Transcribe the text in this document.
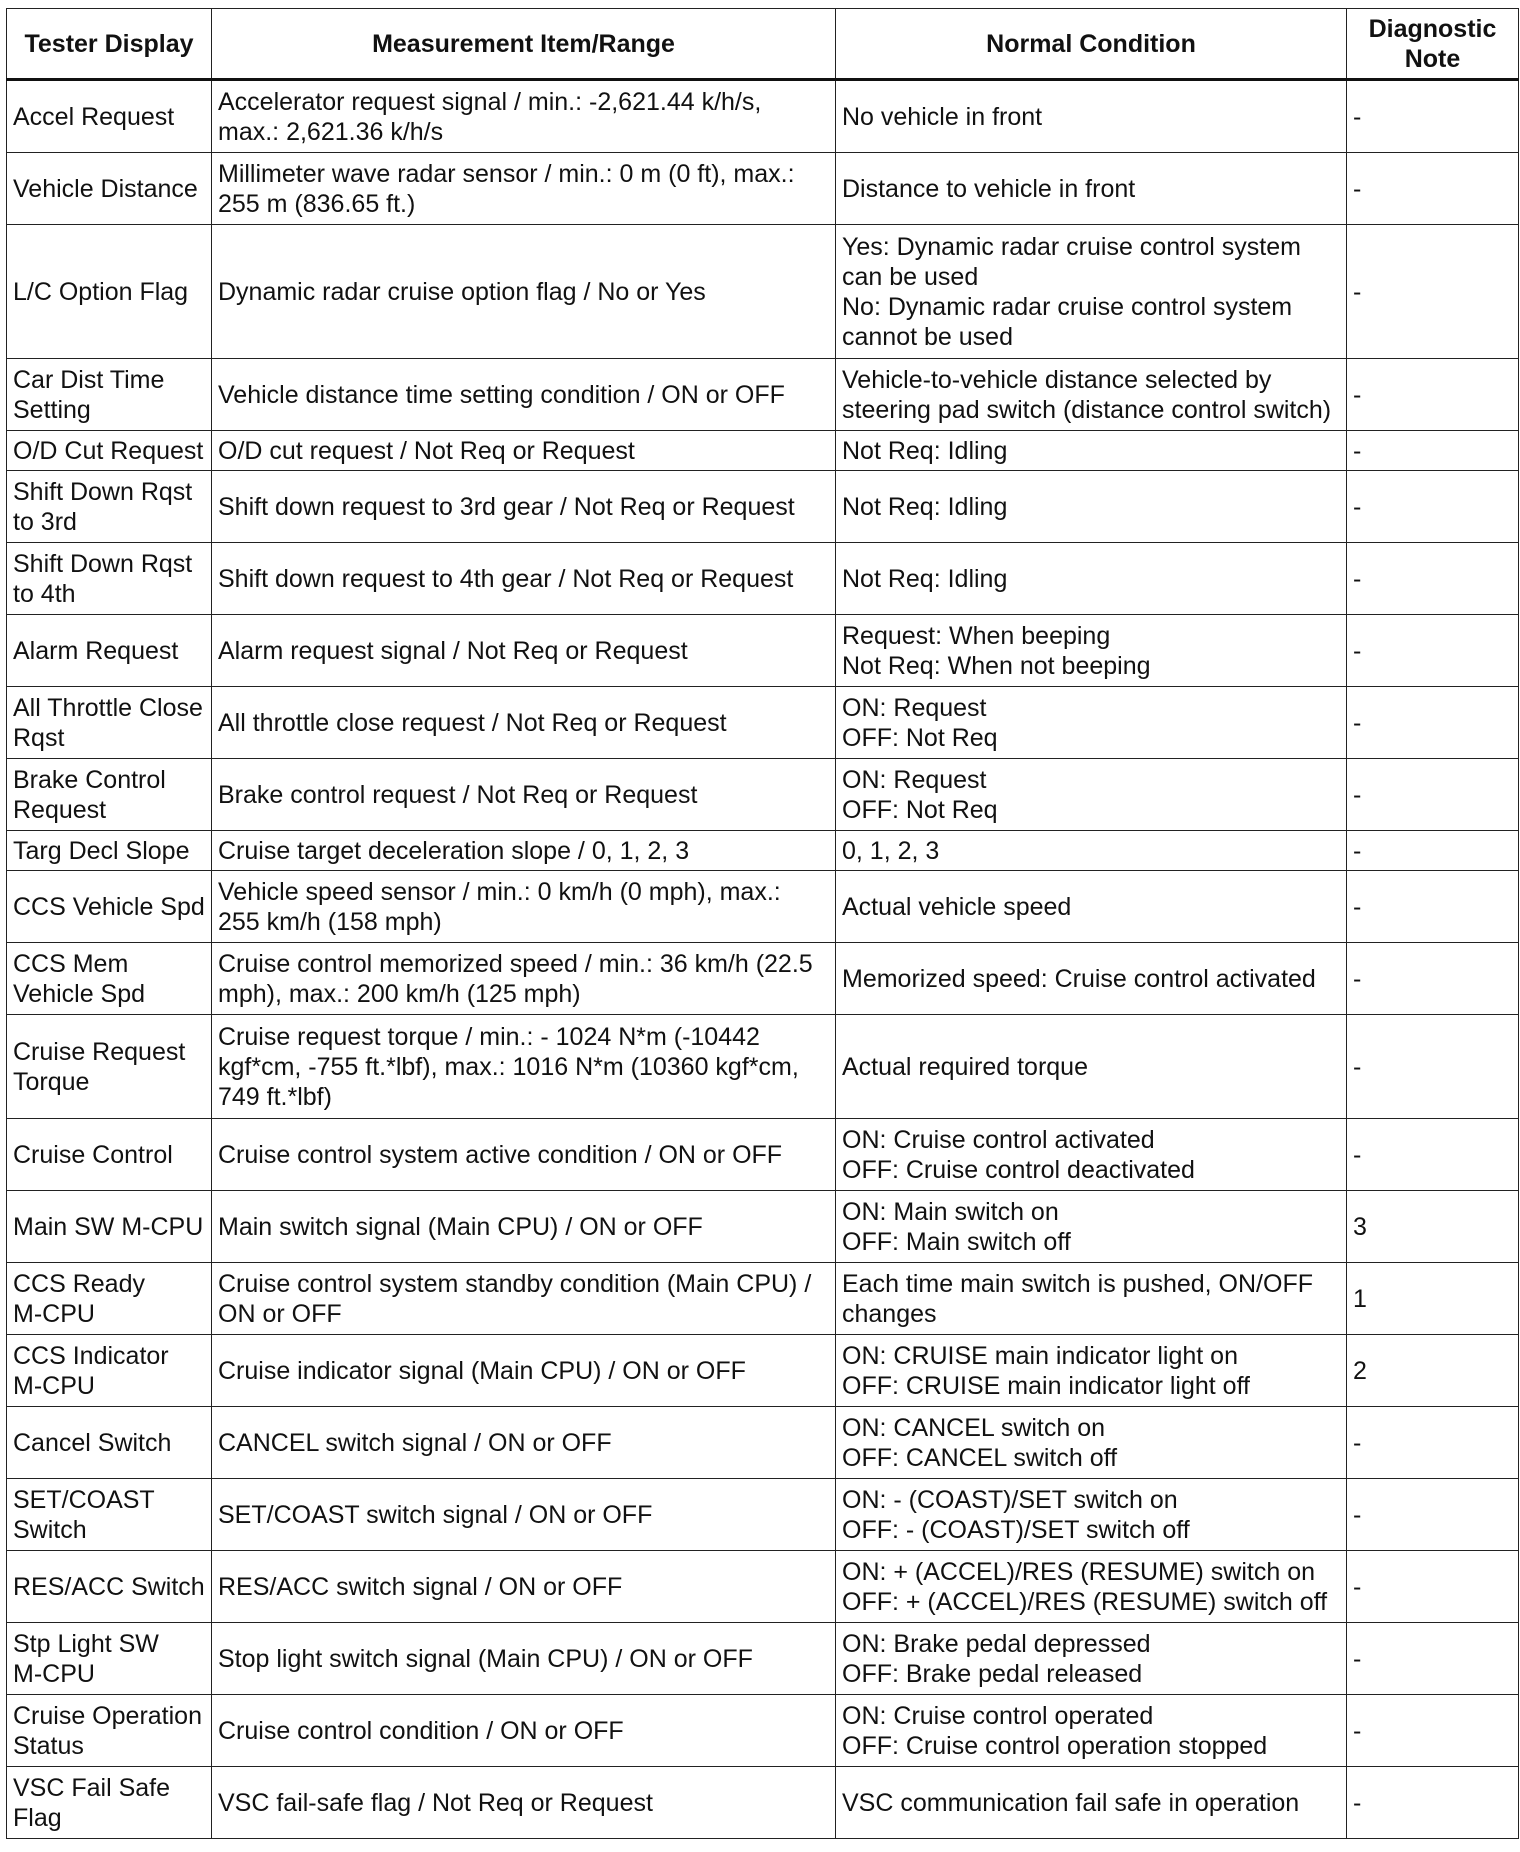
Tester Display	Measurement Item/Range	Normal Condition	Diagnostic
Note
Accel Request	Accelerator request signal / min.: -2,621.44 k/h/s,
max.: 2,621.36 k/h/s	No vehicle in front	-
Vehicle Distance	Millimeter wave radar sensor / min.: 0 m (0 ft), max.:
255 m (836.65 ft.)	Distance to vehicle in front	-
L/C Option Flag	Dynamic radar cruise option flag / No or Yes	Yes: Dynamic radar cruise control system
can be used
No: Dynamic radar cruise control system
cannot be used	-
Car Dist Time
Setting	Vehicle distance time setting condition / ON or OFF	Vehicle-to-vehicle distance selected by
steering pad switch (distance control switch)	-
O/D Cut Request	O/D cut request / Not Req or Request	Not Req: Idling	-
Shift Down Rqst
to 3rd	Shift down request to 3rd gear / Not Req or Request	Not Req: Idling	-
Shift Down Rqst
to 4th	Shift down request to 4th gear / Not Req or Request	Not Req: Idling	-
Alarm Request	Alarm request signal / Not Req or Request	Request: When beeping
Not Req: When not beeping	-
All Throttle Close
Rqst	All throttle close request / Not Req or Request	ON: Request
OFF: Not Req	-
Brake Control
Request	Brake control request / Not Req or Request	ON: Request
OFF: Not Req	-
Targ Decl Slope	Cruise target deceleration slope / 0, 1, 2, 3	0, 1, 2, 3	-
CCS Vehicle Spd	Vehicle speed sensor / min.: 0 km/h (0 mph), max.:
255 km/h (158 mph)	Actual vehicle speed	-
CCS Mem
Vehicle Spd	Cruise control memorized speed / min.: 36 km/h (22.5
mph), max.: 200 km/h (125 mph)	Memorized speed: Cruise control activated	-
Cruise Request
Torque	Cruise request torque / min.: - 1024 N*m (-10442
kgf*cm, -755 ft.*lbf), max.: 1016 N*m (10360 kgf*cm,
749 ft.*lbf)	Actual required torque	-
Cruise Control	Cruise control system active condition / ON or OFF	ON: Cruise control activated
OFF: Cruise control deactivated	-
Main SW M-CPU	Main switch signal (Main CPU) / ON or OFF	ON: Main switch on
OFF: Main switch off	3
CCS Ready
M-CPU	Cruise control system standby condition (Main CPU) /
ON or OFF	Each time main switch is pushed, ON/OFF
changes	1
CCS Indicator
M-CPU	Cruise indicator signal (Main CPU) / ON or OFF	ON: CRUISE main indicator light on
OFF: CRUISE main indicator light off	2
Cancel Switch	CANCEL switch signal / ON or OFF	ON: CANCEL switch on
OFF: CANCEL switch off	-
SET/COAST
Switch	SET/COAST switch signal / ON or OFF	ON: - (COAST)/SET switch on
OFF: - (COAST)/SET switch off	-
RES/ACC Switch	RES/ACC switch signal / ON or OFF	ON: + (ACCEL)/RES (RESUME) switch on
OFF: + (ACCEL)/RES (RESUME) switch off	-
Stp Light SW
M-CPU	Stop light switch signal (Main CPU) / ON or OFF	ON: Brake pedal depressed
OFF: Brake pedal released	-
Cruise Operation
Status	Cruise control condition / ON or OFF	ON: Cruise control operated
OFF: Cruise control operation stopped	-
VSC Fail Safe
Flag	VSC fail-safe flag / Not Req or Request	VSC communication fail safe in operation	-
